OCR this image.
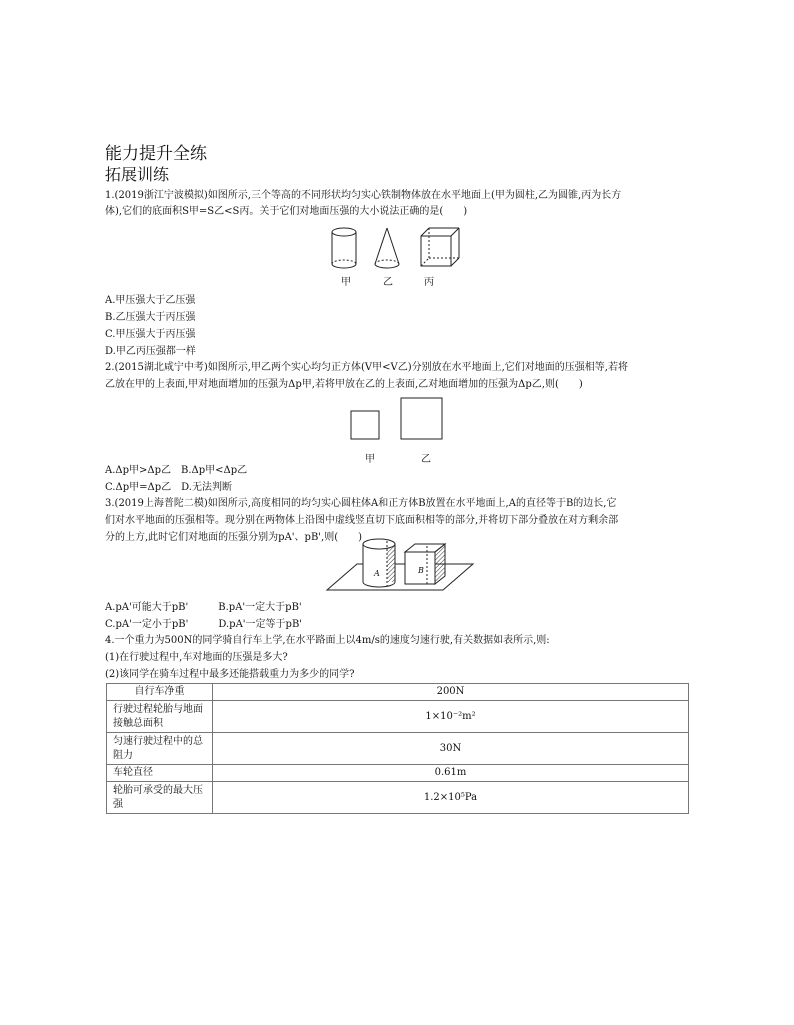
能力提升全练
拓展训练
1.(2019浙江宁波模拟)如图所示,三个等高的不同形状均匀实心铁制物体放在水平地面上(甲为圆柱,乙为圆锥,丙为长方
体),它们的底面积S甲=S乙<S丙。关于它们对地面压强的大小说法正确的是(　　)
甲	乙	丙
A.甲压强大于乙压强
B.乙压强大于丙压强
C.甲压强大于丙压强
D.甲乙丙压强都一样
2.(2015湖北咸宁中考)如图所示,甲乙两个实心均匀正方体(V甲<V乙)分别放在水平地面上,它们对地面的压强相等,若将
乙放在甲的上表面,甲对地面增加的压强为Δp甲,若将甲放在乙的上表面,乙对地面增加的压强为Δp乙,则(　　)
甲	乙
A.Δp甲>Δp乙　B.Δp甲<Δp乙
C.Δp甲=Δp乙　D.无法判断
3.(2019上海普陀二模)如图所示,高度相同的均匀实心圆柱体A和正方体B放置在水平地面上,A的直径等于B的边长,它
们对水平地面的压强相等。现分别在两物体上沿图中虚线竖直切下底面积相等的部分,并将切下部分叠放在对方剩余部
分的上方,此时它们对地面的压强分别为pA'、pB',则(　　)
A	B
A.pA'可能大于pB'　　　B.pA'一定大于pB'
C.pA'一定小于pB'　　　D.pA'一定等于pB'
4.一个重力为500N的同学骑自行车上学,在水平路面上以4m/s的速度匀速行驶,有关数据如表所示,则:
(1)在行驶过程中,车对地面的压强是多大?
(2)该同学在骑车过程中最多还能搭载重力为多少的同学?
自行车净重	200N
行驶过程轮胎与地面接触总面积	1×10⁻²m²
匀速行驶过程中的总阻力	30N
车轮直径	0.61m
轮胎可承受的最大压强	1.2×10⁵Pa
